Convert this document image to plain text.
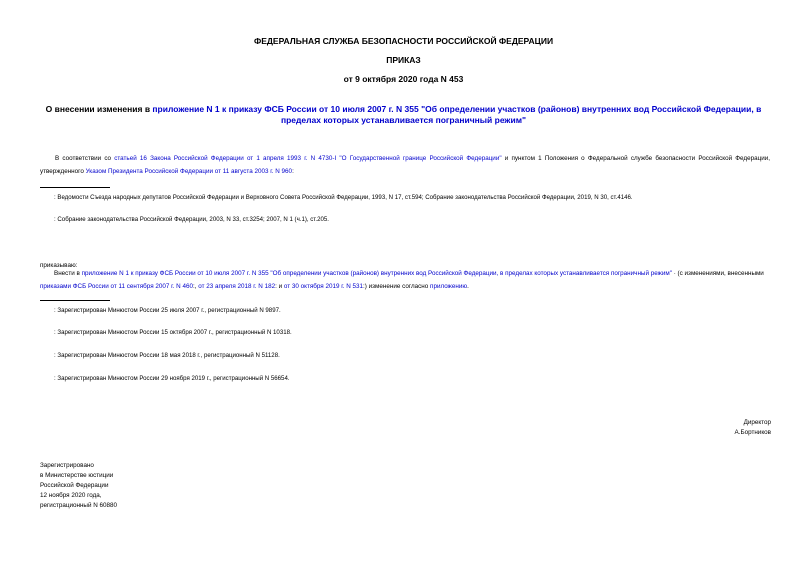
ФЕДЕРАЛЬНАЯ СЛУЖБА БЕЗОПАСНОСТИ РОССИЙСКОЙ ФЕДЕРАЦИИ
ПРИКАЗ
от 9 октября 2020 года N 453
О внесении изменения в приложение N 1 к приказу ФСБ России от 10 июля 2007 г. N 355 "Об определении участков (районов) внутренних вод Российской Федерации, в пределах которых устанавливается пограничный режим"
В соответствии со статьей 16 Закона Российской Федерации от 1 апреля 1993 г. N 4730-I "О Государственной границе Российской Федерации" и пунктом 1 Положения о Федеральной службе безопасности Российской Федерации, утвержденного Указом Президента Российской Федерации от 11 августа 2003 г. N 960:
: Ведомости Съезда народных депутатов Российской Федерации и Верховного Совета Российской Федерации, 1993, N 17, ст.594; Собрание законодательства Российской Федерации, 2019, N 30, ст.4146.
: Собрание законодательства Российской Федерации, 2003, N 33, ст.3254; 2007, N 1 (ч.1), ст.205.
приказываю:
Внести в приложение N 1 к приказу ФСБ России от 10 июля 2007 г. N 355 "Об определении участков (районов) внутренних вод Российской Федерации, в пределах которых устанавливается пограничный режим" · (с изменениями, внесенными приказами ФСБ России от 11 сентября 2007 г. N 460:, от 23 апреля 2018 г. N 182: и от 30 октября 2019 г. N 531:) изменение согласно приложению.
: Зарегистрирован Минюстом России 25 июля 2007 г., регистрационный N 9897.
: Зарегистрирован Минюстом России 15 октября 2007 г., регистрационный N 10318.
: Зарегистрирован Минюстом России 18 мая 2018 г., регистрационный N 51128.
: Зарегистрирован Минюстом России 29 ноября 2019 г., регистрационный N 56654.
Директор
А.Бортников
Зарегистрировано
в Министерстве юстиции
Российской Федерации
12 ноября 2020 года,
регистрационный N 60880
